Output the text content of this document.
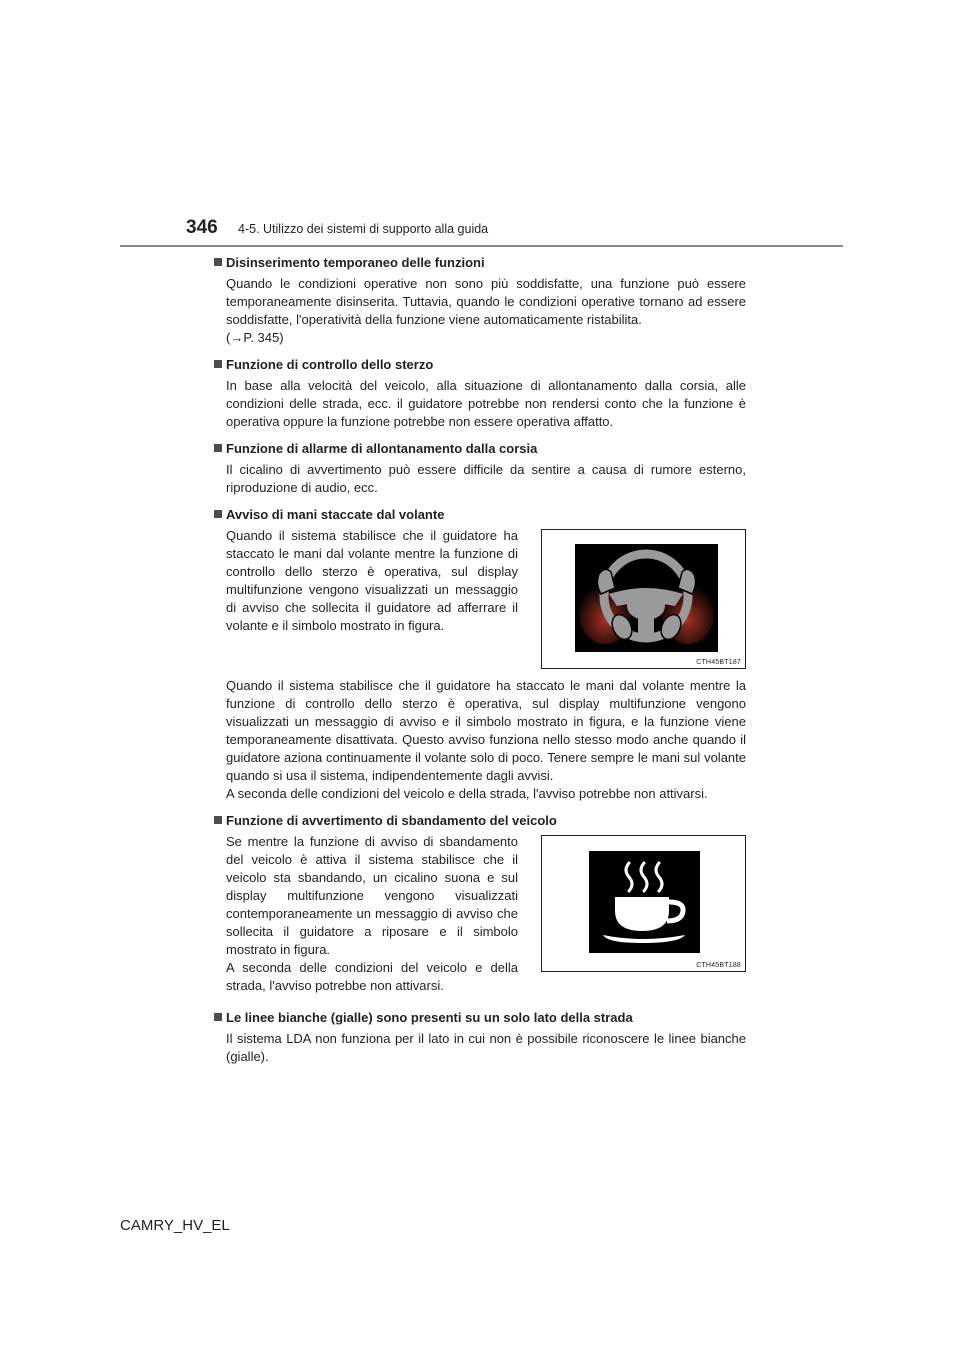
346 4-5. Utilizzo dei sistemi di supporto alla guida

Disinserimento temporaneo delle funzioni

Quando le condizioni operative non sono più soddisfatte, una funzione può essere temporaneamente disinserita. Tuttavia, quando le condizioni operative tornano ad essere soddisfatte, l'operatività della funzione viene automaticamente ristabilita.

(→P. 345)

Funzione di controllo dello sterzo

In base alla velocità del veicolo, alla situazione di allontanamento dalla corsia, alle condizioni delle strada, ecc. il guidatore potrebbe non rendersi conto che la funzione è operativa oppure la funzione potrebbe non essere operativa affatto.

Funzione di allarme di allontanamento dalla corsia

Il cicalino di avvertimento può essere difficile da sentire a causa di rumore esterno, riproduzione di audio, ecc.

Avviso di mani staccate dal volante

Quando il sistema stabilisce che il guidatore ha staccato le mani dal volante mentre la funzione di controllo dello sterzo è operativa, sul display multifunzione vengono visualizzati un messaggio di avviso che sollecita il guidatore ad afferrare il volante e il simbolo mostrato in figura.
CTH45BT187

Quando il sistema stabilisce che il guidatore ha staccato le mani dal volante mentre la funzione di controllo dello sterzo è operativa, sul display multifunzione vengono visualizzati un messaggio di avviso e il simbolo mostrato in figura, e la funzione viene temporaneamente disattivata. Questo avviso funziona nello stesso modo anche quando il guidatore aziona continuamente il volante solo di poco. Tenere sempre le mani sul volante quando si usa il sistema, indipendentemente dagli avvisi.

A seconda delle condizioni del veicolo e della strada, l'avviso potrebbe non attivarsi.

Funzione di avvertimento di sbandamento del veicolo

Se mentre la funzione di avviso di sbandamento del veicolo è attiva il sistema stabilisce che il veicolo sta sbandando, un cicalino suona e sul display multifunzione vengono visualizzati contemporaneamente un messaggio di avviso che sollecita il guidatore a riposare e il simbolo mostrato in figura.
A seconda delle condizioni del veicolo e della strada, l'avviso potrebbe non attivarsi.
CTH45BT188

Le linee bianche (gialle) sono presenti su un solo lato della strada

Il sistema LDA non funziona per il lato in cui non è possibile riconoscere le linee bianche (gialle).

CAMRY_HV_EL
